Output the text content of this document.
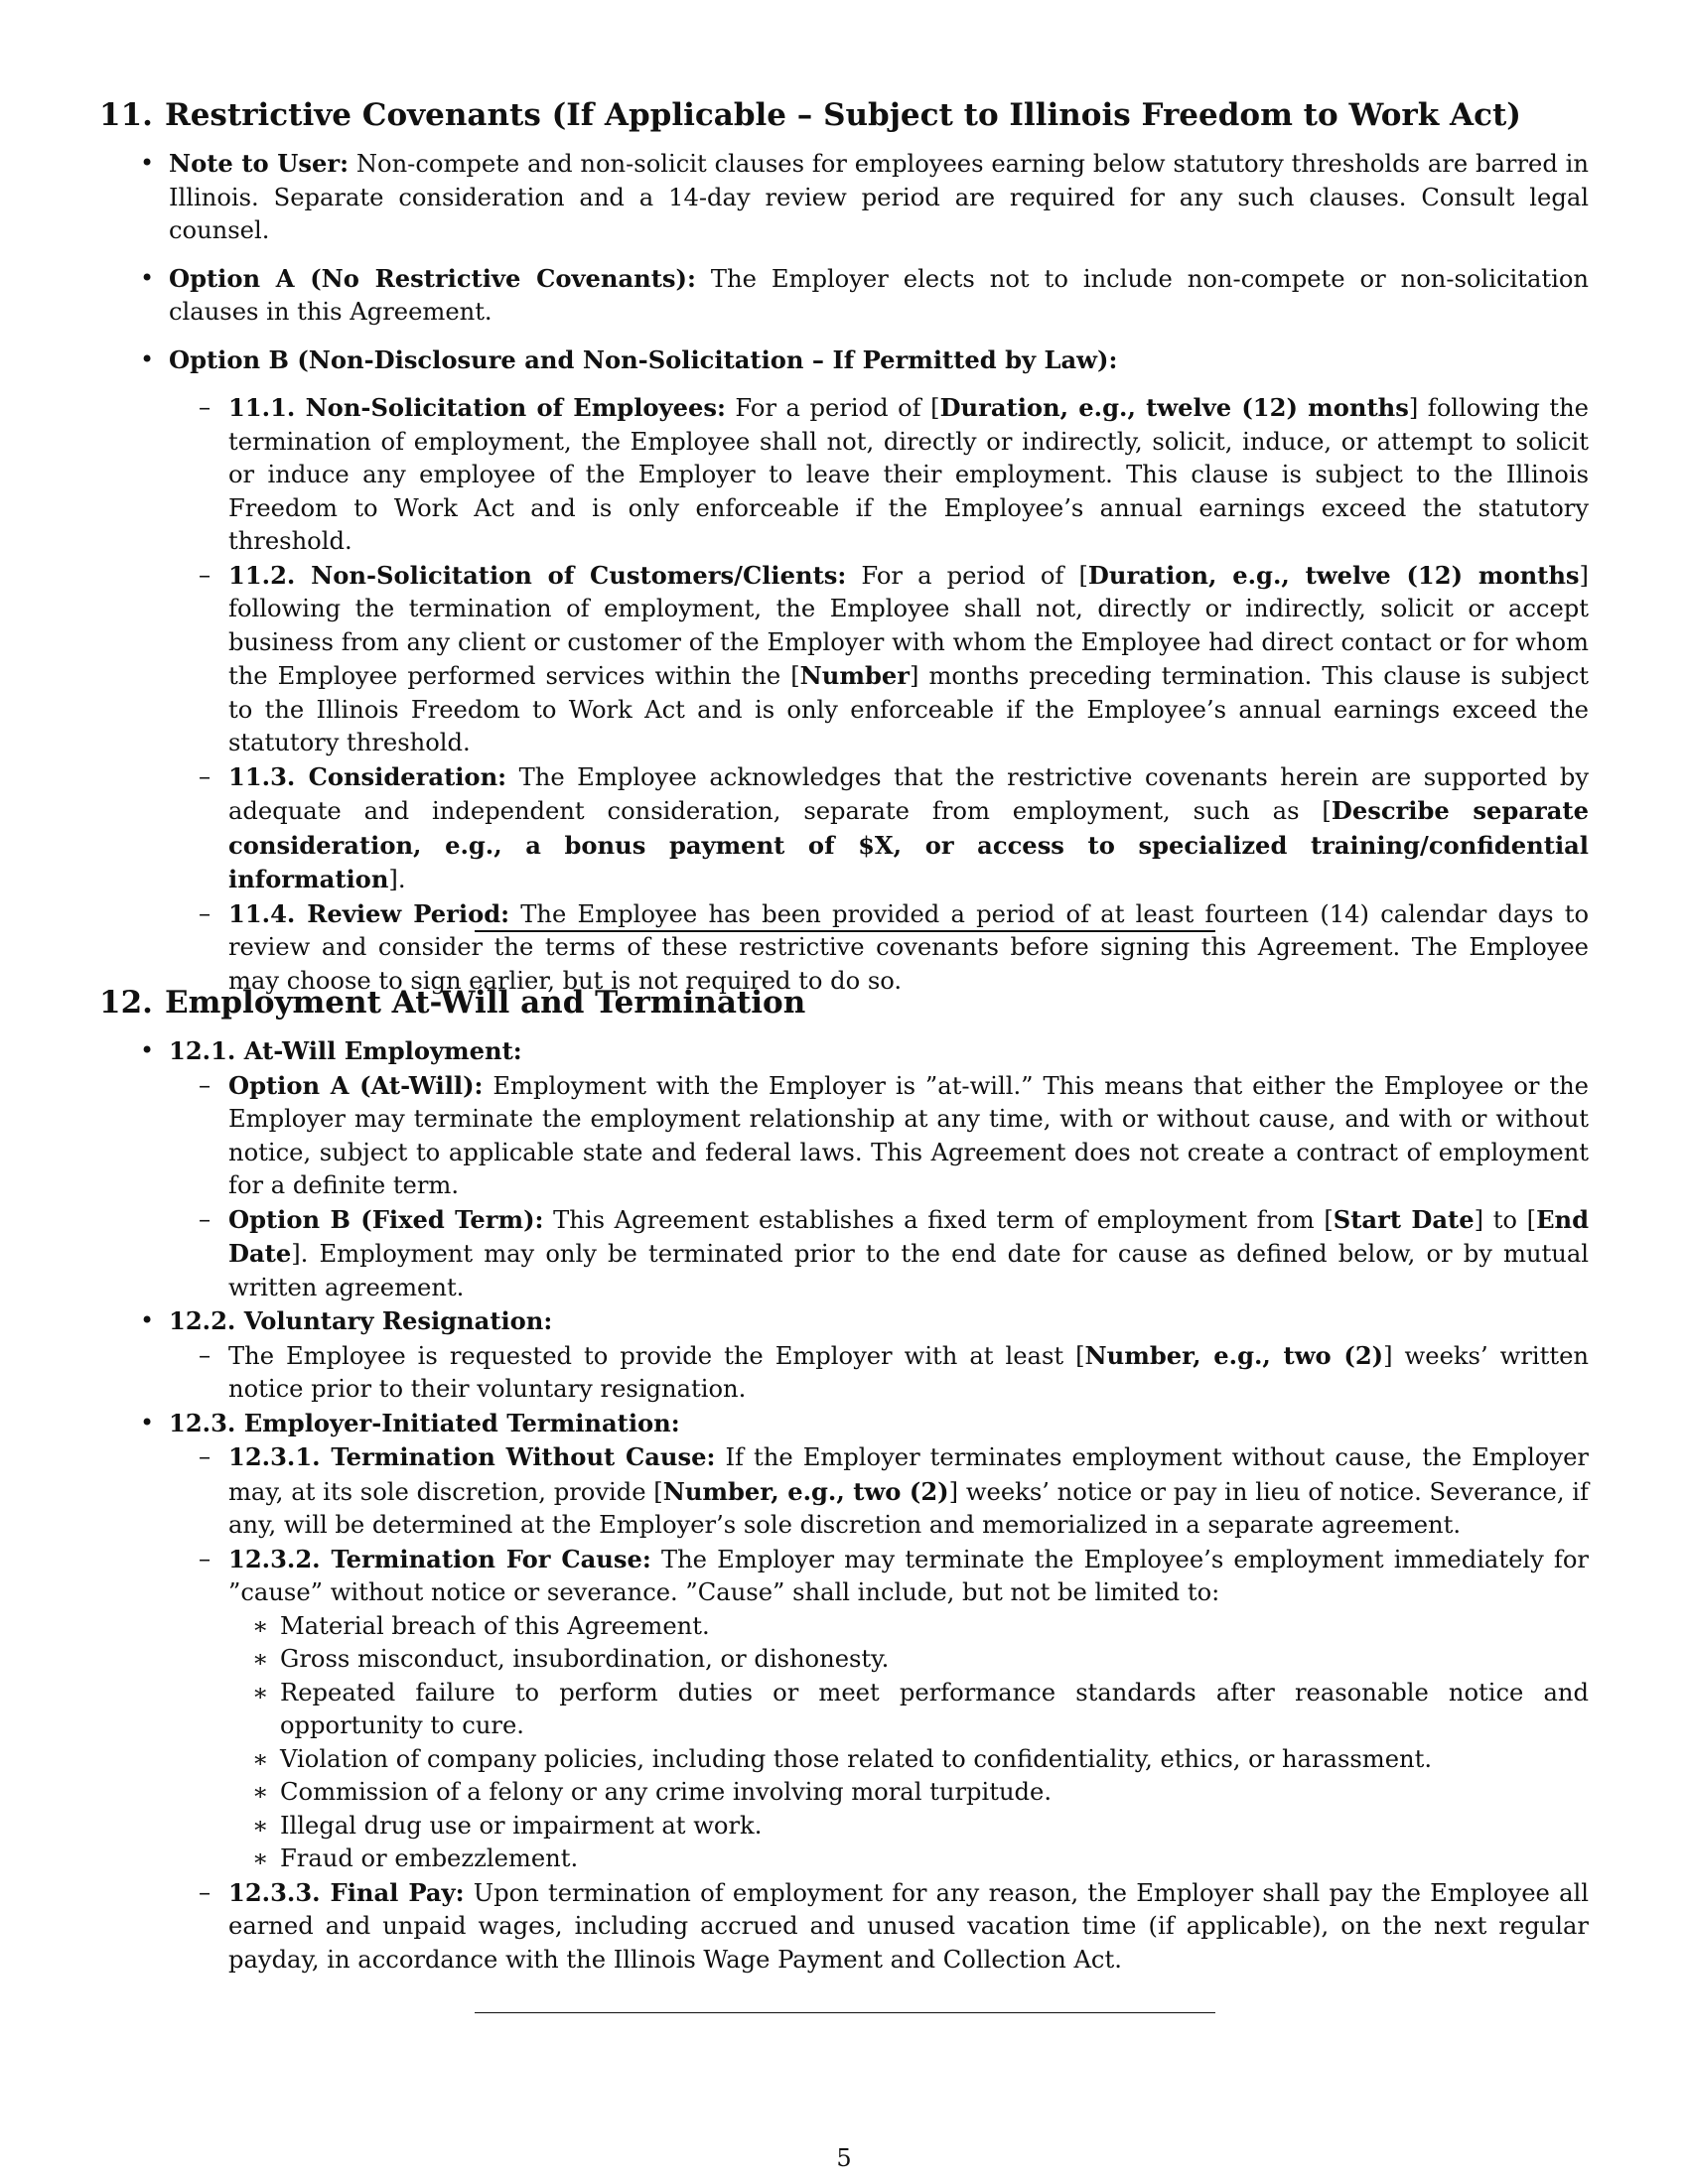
11. Restrictive Covenants (If Applicable – Subject to Illinois Freedom to Work Act)
• Note to User: Non-compete and non-solicit clauses for employees earning below statutory thresholds are barred in Illinois. Separate consideration and a 14-day review period are required for any such clauses. Consult legal counsel.
• Option A (No Restrictive Covenants): The Employer elects not to include non-compete or non-solicitation clauses in this Agreement.
• Option B (Non-Disclosure and Non-Solicitation – If Permitted by Law):
– 11.1. Non-Solicitation of Employees: For a period of [Duration, e.g., twelve (12) months] following the termination of employment, the Employee shall not, directly or indirectly, solicit, induce, or attempt to solicit or induce any employee of the Employer to leave their employment. This clause is subject to the Illinois Freedom to Work Act and is only enforceable if the Employee’s annual earnings exceed the statutory threshold.
– 11.2. Non-Solicitation of Customers/Clients: For a period of [Duration, e.g., twelve (12) months] following the termination of employment, the Employee shall not, directly or indirectly, solicit or accept business from any client or customer of the Employer with whom the Employee had direct contact or for whom the Employee performed services within the [Number] months preceding termination. This clause is subject to the Illinois Freedom to Work Act and is only enforceable if the Employee’s annual earnings exceed the statutory threshold.
– 11.3. Consideration: The Employee acknowledges that the restrictive covenants herein are supported by adequate and independent consideration, separate from employment, such as [Describe separate consideration, e.g., a bonus payment of $X, or access to specialized training/confidential information].
– 11.4. Review Period: The Employee has been provided a period of at least fourteen (14) calendar days to review and consider the terms of these restrictive covenants before signing this Agreement. The Employee may choose to sign earlier, but is not required to do so.
12. Employment At-Will and Termination
• 12.1. At-Will Employment:
– Option A (At-Will): Employment with the Employer is ”at-will.” This means that either the Employee or the Employer may terminate the employment relationship at any time, with or without cause, and with or without notice, subject to applicable state and federal laws. This Agreement does not create a contract of employment for a definite term.
– Option B (Fixed Term): This Agreement establishes a fixed term of employment from [Start Date] to [End Date]. Employment may only be terminated prior to the end date for cause as defined below, or by mutual written agreement.
• 12.2. Voluntary Resignation:
– The Employee is requested to provide the Employer with at least [Number, e.g., two (2)] weeks’ written notice prior to their voluntary resignation.
• 12.3. Employer-Initiated Termination:
– 12.3.1. Termination Without Cause: If the Employer terminates employment without cause, the Employer may, at its sole discretion, provide [Number, e.g., two (2)] weeks’ notice or pay in lieu of notice. Severance, if any, will be determined at the Employer’s sole discretion and memorialized in a separate agreement.
– 12.3.2. Termination For Cause: The Employer may terminate the Employee’s employment immediately for ”cause” without notice or severance. ”Cause” shall include, but not be limited to:
∗ Material breach of this Agreement.
∗ Gross misconduct, insubordination, or dishonesty.
∗ Repeated failure to perform duties or meet performance standards after reasonable notice and opportunity to cure.
∗ Violation of company policies, including those related to confidentiality, ethics, or harassment.
∗ Commission of a felony or any crime involving moral turpitude.
∗ Illegal drug use or impairment at work.
∗ Fraud or embezzlement.
– 12.3.3. Final Pay: Upon termination of employment for any reason, the Employer shall pay the Employee all earned and unpaid wages, including accrued and unused vacation time (if applicable), on the next regular payday, in accordance with the Illinois Wage Payment and Collection Act.
5
